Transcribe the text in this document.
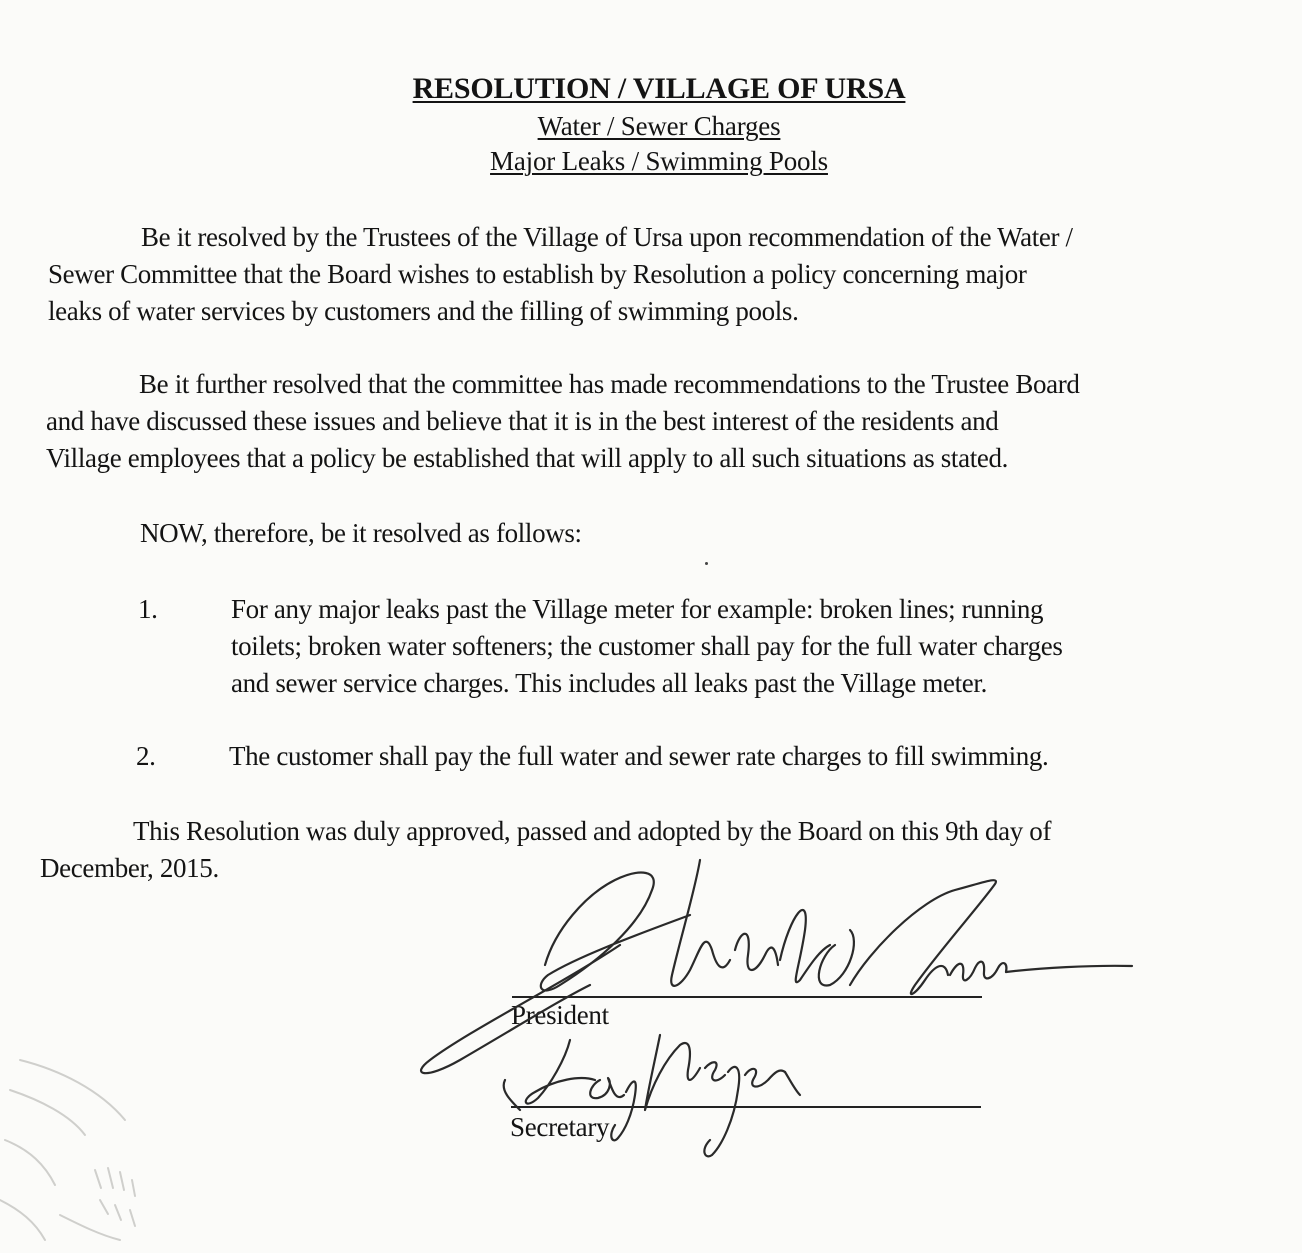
RESOLUTION / VILLAGE OF URSA
Water / Sewer Charges
Major Leaks / Swimming Pools
Be it resolved by the Trustees of the Village of Ursa upon recommendation of the Water /
Sewer Committee that the Board wishes to establish by Resolution a policy concerning major
leaks of water services by customers and the filling of swimming pools.
Be it further resolved that the committee has made recommendations to the Trustee Board
and have discussed these issues and believe that it is in the best interest of the residents and
Village employees that a policy be established that will apply to all such situations as stated.
NOW, therefore, be it resolved as follows:
1.	For any major leaks past the Village meter for example: broken lines; running
toilets; broken water softeners; the customer shall pay for the full water charges
and sewer service charges. This includes all leaks past the Village meter.
2.	The customer shall pay the full water and sewer rate charges to fill swimming.
This Resolution was duly approved, passed and adopted by the Board on this 9th day of
December, 2015.
President
Secretary
